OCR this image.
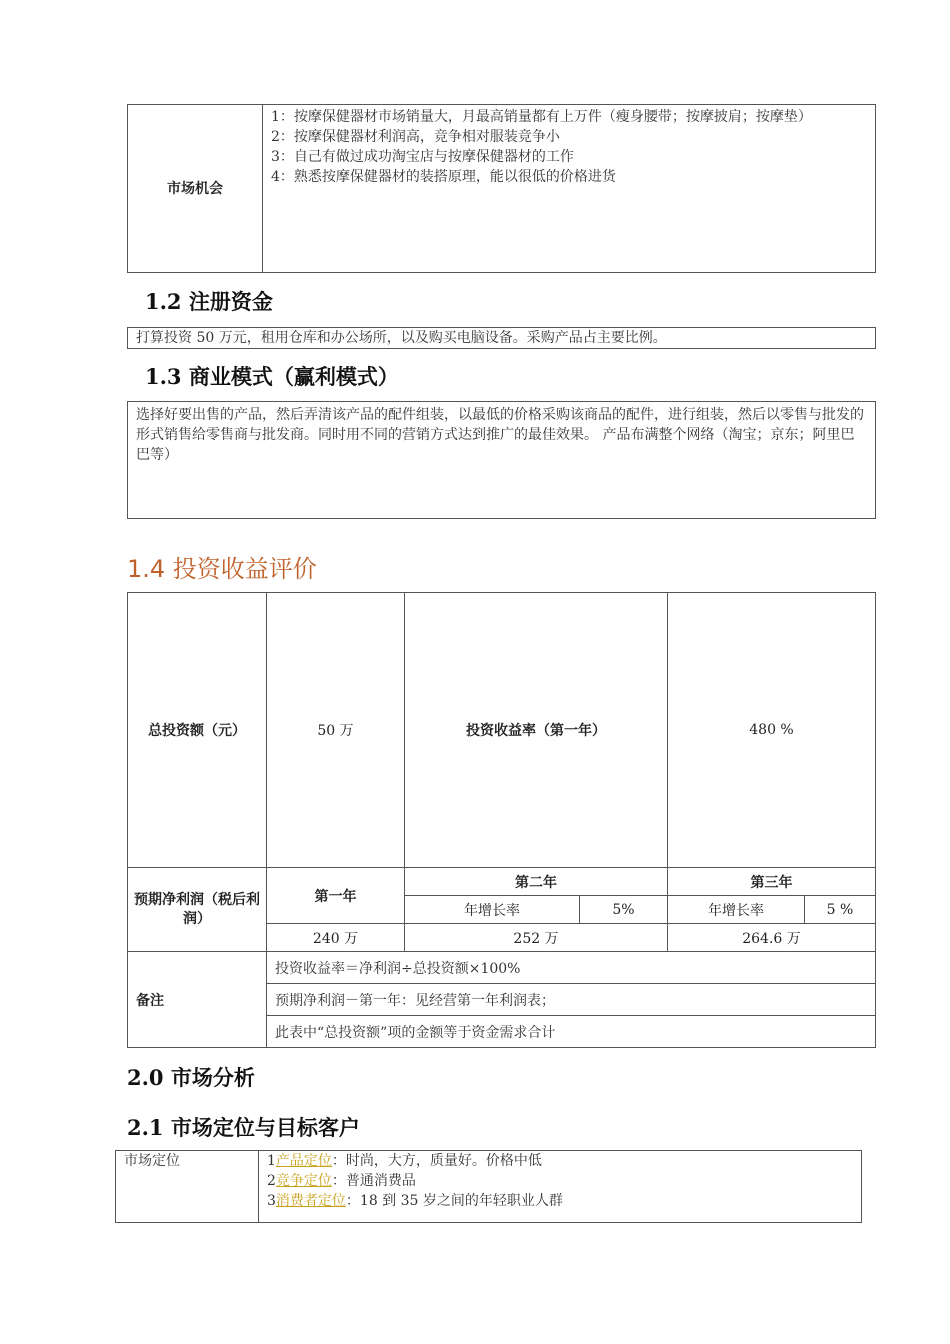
市场机会	
1：按摩保健器材市场销量大，月最高销量都有上万件（瘦身腰带；按摩披肩；按摩垫）
2：按摩保健器材利润高，竞争相对服装竞争小
3：自己有做过成功淘宝店与按摩保健器材的工作
4：熟悉按摩保健器材的装搭原理，能以很低的价格进货
1.2 注册资金
打算投资 50 万元，租用仓库和办公场所，以及购买电脑设备。采购产品占主要比例。
1.3 商业模式（赢利模式）
选择好要出售的产品，然后弄清该产品的配件组装，以最低的价格采购该商品的配件，进行组装，然后以零售与批发的形式销售给零售商与批发商。同时用不同的营销方式达到推广的最佳效果。 产品布满整个网络（淘宝；京东；阿里巴巴等）
1.4 投资收益评价
总投资额（元）	50 万	投资收益率（第一年）		480 %	
预期净利润（税后利润）	第一年	第二年		第三年	
		年增长率	5%	年增长率	5 %
	240 万	252 万		264.6 万	
备注	投资收益率＝净利润÷总投资额×100%				
	预期净利润－第一年：见经营第一年利润表；				
	此表中“总投资额”项的金额等于资金需求合计				
2.0 市场分析
2.1 市场定位与目标客户
市场定位	1产品定位：时尚，大方，质量好。价格中低
2竞争定位：普通消费品
3消费者定位：18 到 35 岁之间的年轻职业人群
